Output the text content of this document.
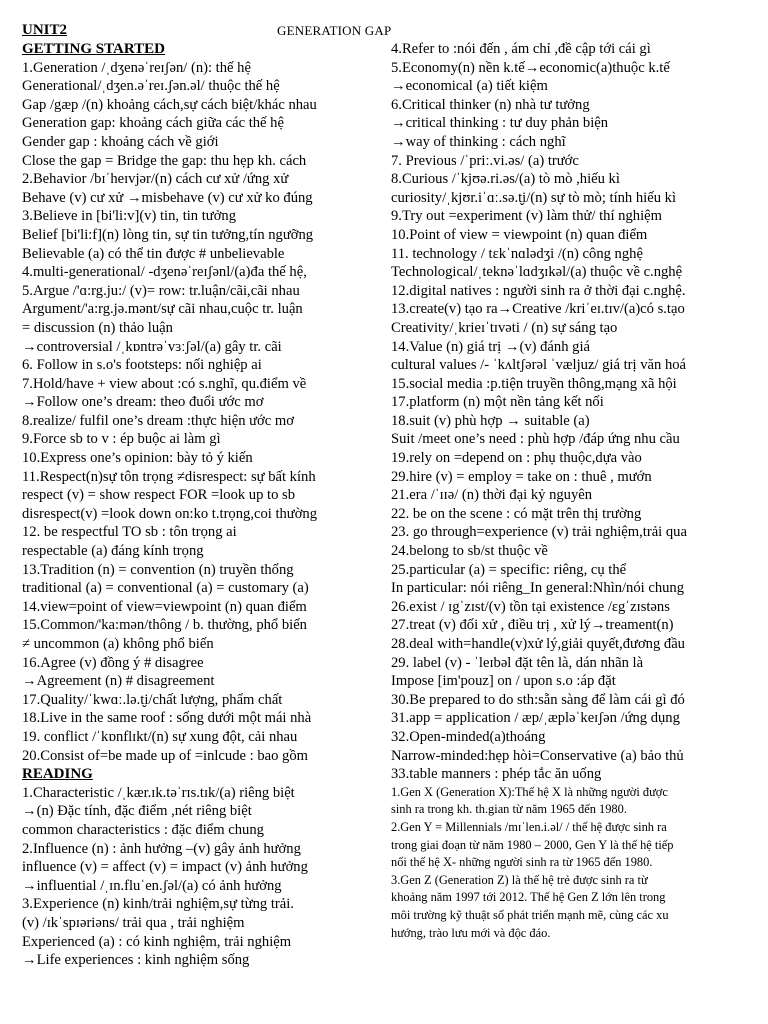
UNIT2	GENERATION GAP
GETTING STARTED
1.Generation /ˌdʒenəˈreɪʃən/ (n): thế hệ
Generational/ˌdʒen.əˈreɪ.ʃən.əl/ thuộc thế hệ
Gap /gæp /(n) khoảng cách,sự cách biệt/khác nhau
Generation gap: khoảng cách giữa các thế hệ
Gender gap : khoảng cách về giới
Close the gap = Bridge the gap: thu hẹp kh. cách
2.Behavior /bɪˈheɪvjər/(n) cách cư xử /ứng xử
Behave (v) cư xử →misbehave (v) cư xử ko đúng
3.Believe in [bi'li:v](v) tin, tin tưởng
Belief [bi'li:f](n) lòng tin, sự tin tưởng,tín ngưỡng
Believable (a) có thể tin được # unbelievable
4.multi-generational/ -dʒenəˈreɪʃənl/(a)đa thế hệ,
5.Argue /'ɑ:rg.ju:/ (v)= row: tr.luận/cãi,cãi nhau
Argument/'a:rg.jə.mənt/sự cãi nhau,cuộc tr. luận
= discussion (n) thảo luận
→controversial /ˌkɒntrəˈvɜːʃəl/(a) gây tr. cãi
6. Follow in s.o's footsteps: nối nghiệp ai
7.Hold/have + view about :có s.nghĩ, qu.điểm về
→Follow one’s dream: theo đuổi ước mơ
8.realize/ fulfil one’s dream :thực hiện ước mơ
9.Force sb to v : ép buộc ai làm gì
10.Express one’s opinion: bày tỏ ý kiến
11.Respect(n)sự tôn trọng ≠disrespect: sự bất kính
respect (v) = show respect FOR =look up to sb
disrespect(v) =look down on:ko t.trọng,coi thường
12. be respectful TO sb : tôn trọng ai
respectable (a) đáng kính trọng
13.Tradition (n) = convention (n) truyền thống
traditional (a) = conventional (a) = customary (a)
14.view=point of view=viewpoint (n) quan điểm
15.Common/'ka:mən/thông / b. thường, phổ biến
≠ uncommon (a) không phổ biến
16.Agree (v) đồng ý # disagree
→Agreement (n) # disagreement
17.Quality/ˈkwɑː.lə.t̬i/chất lượng, phẩm chất
18.Live in the same roof : sống dưới một mái nhà
19. conflict /ˈkɒnflɪkt/(n) sự xung đột, cải nhau
20.Consist of=be made up of =inlcude : bao gồm
READING
1.Characteristic /ˌkær.ɪk.təˈrɪs.tɪk/(a) riêng biệt
→(n) Đặc tính, đặc điểm ,nét riêng biệt
common characteristics : đặc điểm chung
2.Influence (n) : ảnh hưởng –(v) gây ảnh hưởng
influence (v) = affect (v) = impact (v) ảnh hưởng
→influential /ˌɪn.fluˈen.ʃəl/(a) có ảnh hưởng
3.Experience (n) kinh/trải nghiệm,sự từng trải.
(v) /ɪkˈspɪəriəns/ trải qua , trải nghiệm
Experienced (a) : có kinh nghiệm, trải nghiệm
→Life experiences : kinh nghiệm sống
4.Refer to :nói đến , ám chỉ ,đề cập tới cái gì
5.Economy(n) nền k.tế→economic(a)thuộc k.tế
→economical (a) tiết kiệm
6.Critical thinker (n) nhà tư tưởng
→critical thinking : tư duy phản biện
→way of thinking : cách nghĩ
7. Previous /ˈpriː.vi.əs/ (a) trước
8.Curious /ˈkjʊə.ri.əs/(a) tò mò ,hiếu kì
curiosity/ˌkjʊr.iˈɑː.sə.t̬i/(n) sự tò mò; tính hiếu kì
9.Try out =experiment (v) làm thử/ thí nghiệm
10.Point of view = viewpoint (n) quan điểm
11. technology / tɛkˈnɑlədʒi /(n) công nghệ
Technological/ˌteknəˈlɑdʒɪkəl/(a) thuộc về c.nghệ
12.digital natives : người sinh ra ở thời đại c.nghệ.
13.create(v) tạo ra→Creative /kriˈeɪ.tɪv/(a)có s.tạo
Creativity/ˌkrieɪˈtɪvəti / (n) sự sáng tạo
14.Value (n) giá trị →(v) đánh giá
cultural values /- ˈkʌltʃərəl ˈvæljuz/ giá trị văn hoá
15.social media :p.tiện truyền thông,mạng xã hội
17.platform (n) một nền tảng kết nối
18.suit (v) phù hợp → suitable (a)
Suit /meet one’s need : phù hợp /đáp ứng nhu cầu
19.rely on =depend on : phụ thuộc,dựa vào
29.hire (v) = employ = take on : thuê , mướn
21.era /ˈɪɪə/ (n) thời đại kỷ nguyên
22. be on the scene : có mặt trên thị trường
23. go through=experience (v) trải nghiệm,trải qua
24.belong to sb/st thuộc về
25.particular (a) = specific: riêng, cụ thể
In particular: nói riêng_In general:Nhìn/nói chung
26.exist / ɪgˈzɪst/(v) tồn tại existence /ɛgˈzɪstəns
27.treat (v) đối xử , điều trị , xử lý→treament(n)
28.deal with=handle(v)xử lý,giải quyết,đương đầu
29. label (v) - ˈleɪbəl đặt tên là, dán nhãn là
Impose [im'pouz] on / upon s.o :áp đặt
30.Be prepared to do sth:sẵn sàng để làm cái gì đó
31.app = application / æp/ˌæpləˈkeɪʃən /ứng dụng
32.Open-minded(a)thoáng
Narrow-minded:hẹp hòi=Conservative (a) bảo thủ
33.table manners : phép tắc ăn uống
1.Gen X (Generation X):Thế hệ X là những người được
sinh ra trong kh. th.gian từ năm 1965 đến 1980.
2.Gen Y = Millennials /mɪˈlen.i.əl/ / thế hệ được sinh ra
trong giai đoạn từ năm 1980 – 2000, Gen Y là thế hệ tiếp
nối thế hệ X- những người sinh ra từ 1965 đến 1980.
3.Gen Z (Generation Z) là thế hệ trẻ được sinh ra từ
khoảng năm 1997 tới 2012. Thế hệ Gen Z lớn lên trong
môi trường kỹ thuật số phát triển mạnh mẽ, cùng các xu
hướng, trào lưu mới và độc đáo.
